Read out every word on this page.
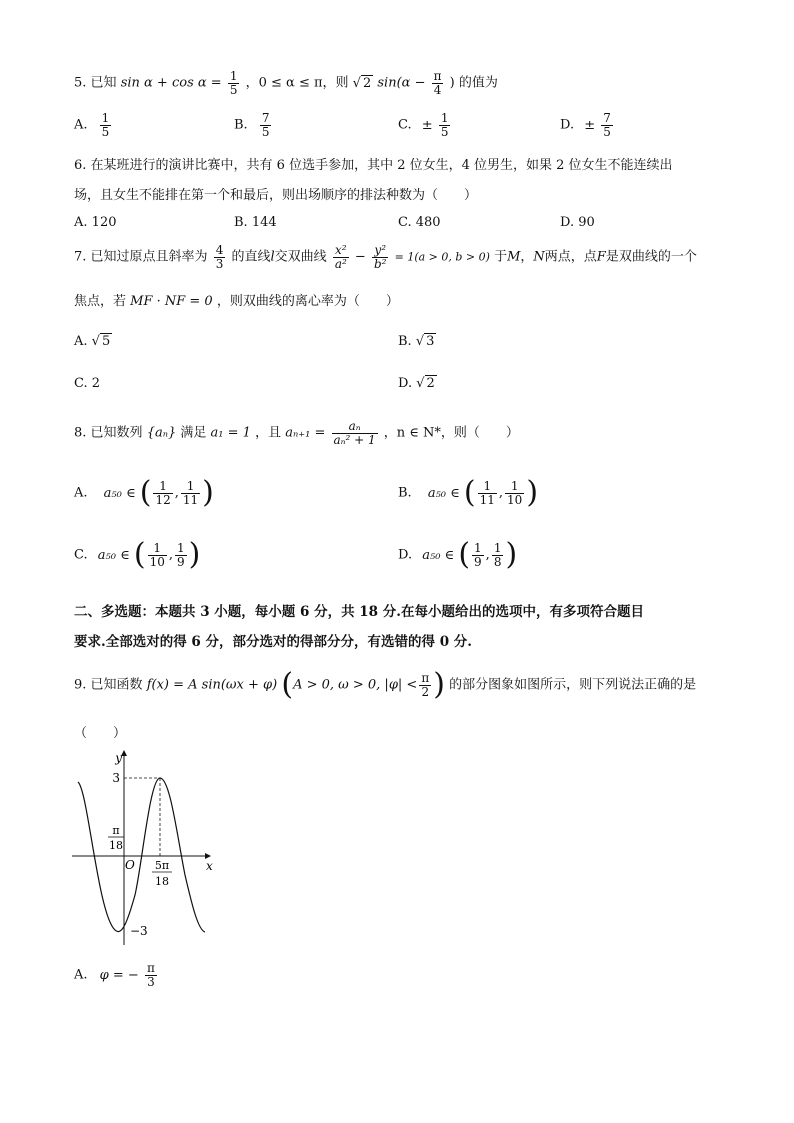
5. 已知 $\sin \alpha + \cos \alpha = \frac{1}{5}$ ，0 ≤ α ≤ π，则 √ 2 $\sin(\alpha - \frac{\pi}{4}$ ) 的值为
A. $\frac{1}{5}$	B. $\frac{7}{5}$	C. ± $\frac{1}{5}$	D. ± $\frac{7}{5}$
6. 在某班进行的演讲比赛中，共有 6 位选手参加，其中 2 位女生，4 位男生，如果 2 位女生不能连续出
场，且女生不能排在第一个和最后，则出场顺序的排法种数为（　　）
A. 120	B. 144	C. 480	D. 90
7. 已知过原点且斜率为 $\frac{4}{3}$ 的直线l交双曲线 $\frac{\text{x²}}{\text{a²}} - \frac{\text{y²}}{\text{b²}} = 1(a > 0$, b > 0) 于M，N两点，点F是双曲线的一个
焦点，若 MF · NF = 0 ，则双曲线的离心率为（　　）
A. √ 5	B. √ 3
C. 2	D. √ 2
8. 已知数列 {aₙ} 满足 a₁ = 1 ，且 $a_{n+1} = \frac{\text{aₙ}}{\text{aₙ² + 1}}$ ，n ∈ N*，则（　　）
A. a₅₀ ∈ ( $\frac{1}{12}$ , $\frac{1}{11}$ )	B. a₅₀ ∈ ( $\frac{1}{11}$ , $\frac{1}{10}$ )
C. a₅₀ ∈ ( $\frac{1}{10}$ , $\frac{1}{9}$ )	D. a₅₀ ∈ ( $\frac{1}{9}$ , $\frac{1}{8}$ )
二、多选题：本题共 3 小题，每小题 6 分，共 18 分.在每小题给出的选项中，有多项符合题目
要求.全部选对的得 6 分，部分选对的得部分分，有选错的得 0 分.
9. 已知函数 f(x) = A sin(ωx + φ) (A > 0, ω > 0, $|\varphi| < \frac{\pi}{2}$ ) 的部分图象如图所示，则下列说法正确的是
（　　）
y
x
O
3
−3
π
18
5π
18
A. φ = − $\frac{\pi}{3}$
